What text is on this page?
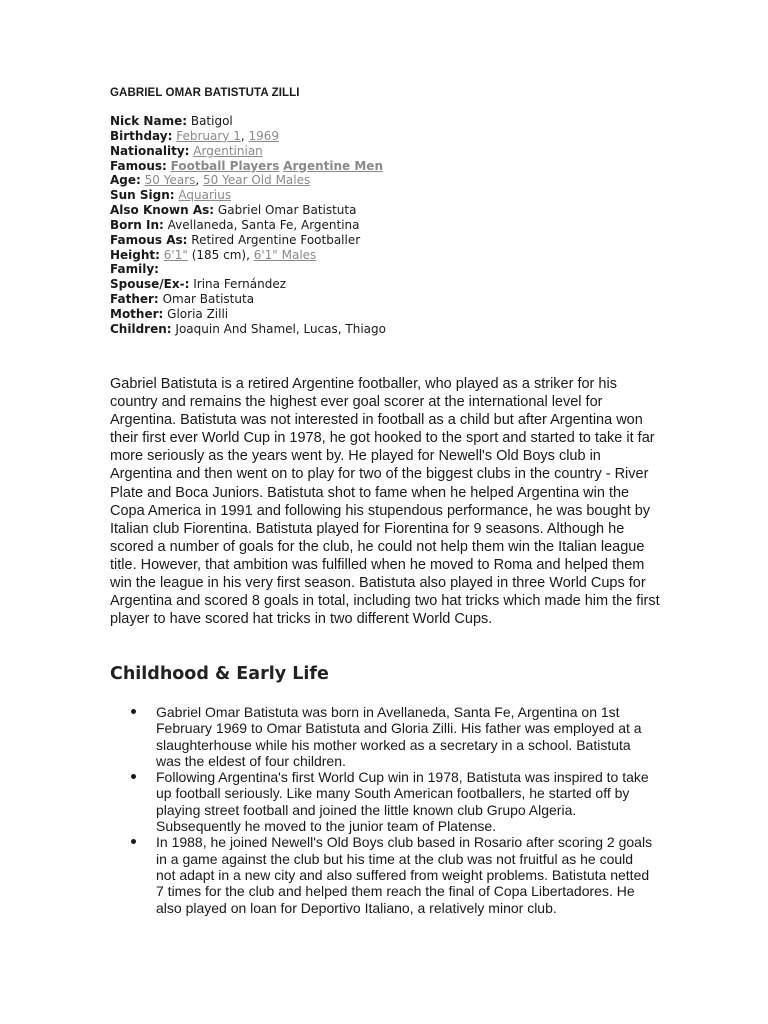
GABRIEL OMAR BATISTUTA ZILLI
Nick Name: Batigol
Birthday: February 1, 1969
Nationality: Argentinian
Famous: Football Players Argentine Men
Age: 50 Years, 50 Year Old Males
Sun Sign: Aquarius
Also Known As: Gabriel Omar Batistuta
Born In: Avellaneda, Santa Fe, Argentina
Famous As: Retired Argentine Footballer
Height: 6'1" (185 cm), 6'1" Males
Family:
Spouse/Ex-: Irina Fernández
Father: Omar Batistuta
Mother: Gloria Zilli
Children: Joaquin And Shamel, Lucas, Thiago

Gabriel Batistuta is a retired Argentine footballer, who played as a striker for his country and remains the highest ever goal scorer at the international level for Argentina. Batistuta was not interested in football as a child but after Argentina won their first ever World Cup in 1978, he got hooked to the sport and started to take it far more seriously as the years went by. He played for Newell's Old Boys club in Argentina and then went on to play for two of the biggest clubs in the country - River Plate and Boca Juniors. Batistuta shot to fame when he helped Argentina win the Copa America in 1991 and following his stupendous performance, he was bought by Italian club Fiorentina. Batistuta played for Fiorentina for 9 seasons. Although he scored a number of goals for the club, he could not help them win the Italian league title. However, that ambition was fulfilled when he moved to Roma and helped them win the league in his very first season. Batistuta also played in three World Cups for Argentina and scored 8 goals in total, including two hat tricks which made him the first player to have scored hat tricks in two different World Cups.

Childhood & Early Life
Gabriel Omar Batistuta was born in Avellaneda, Santa Fe, Argentina on 1st February 1969 to Omar Batistuta and Gloria Zilli. His father was employed at a slaughterhouse while his mother worked as a secretary in a school. Batistuta was the eldest of four children.
Following Argentina's first World Cup win in 1978, Batistuta was inspired to take up football seriously. Like many South American footballers, he started off by playing street football and joined the little known club Grupo Algeria. Subsequently he moved to the junior team of Platense.
In 1988, he joined Newell's Old Boys club based in Rosario after scoring 2 goals in a game against the club but his time at the club was not fruitful as he could not adapt in a new city and also suffered from weight problems. Batistuta netted 7 times for the club and helped them reach the final of Copa Libertadores. He also played on loan for Deportivo Italiano, a relatively minor club.
